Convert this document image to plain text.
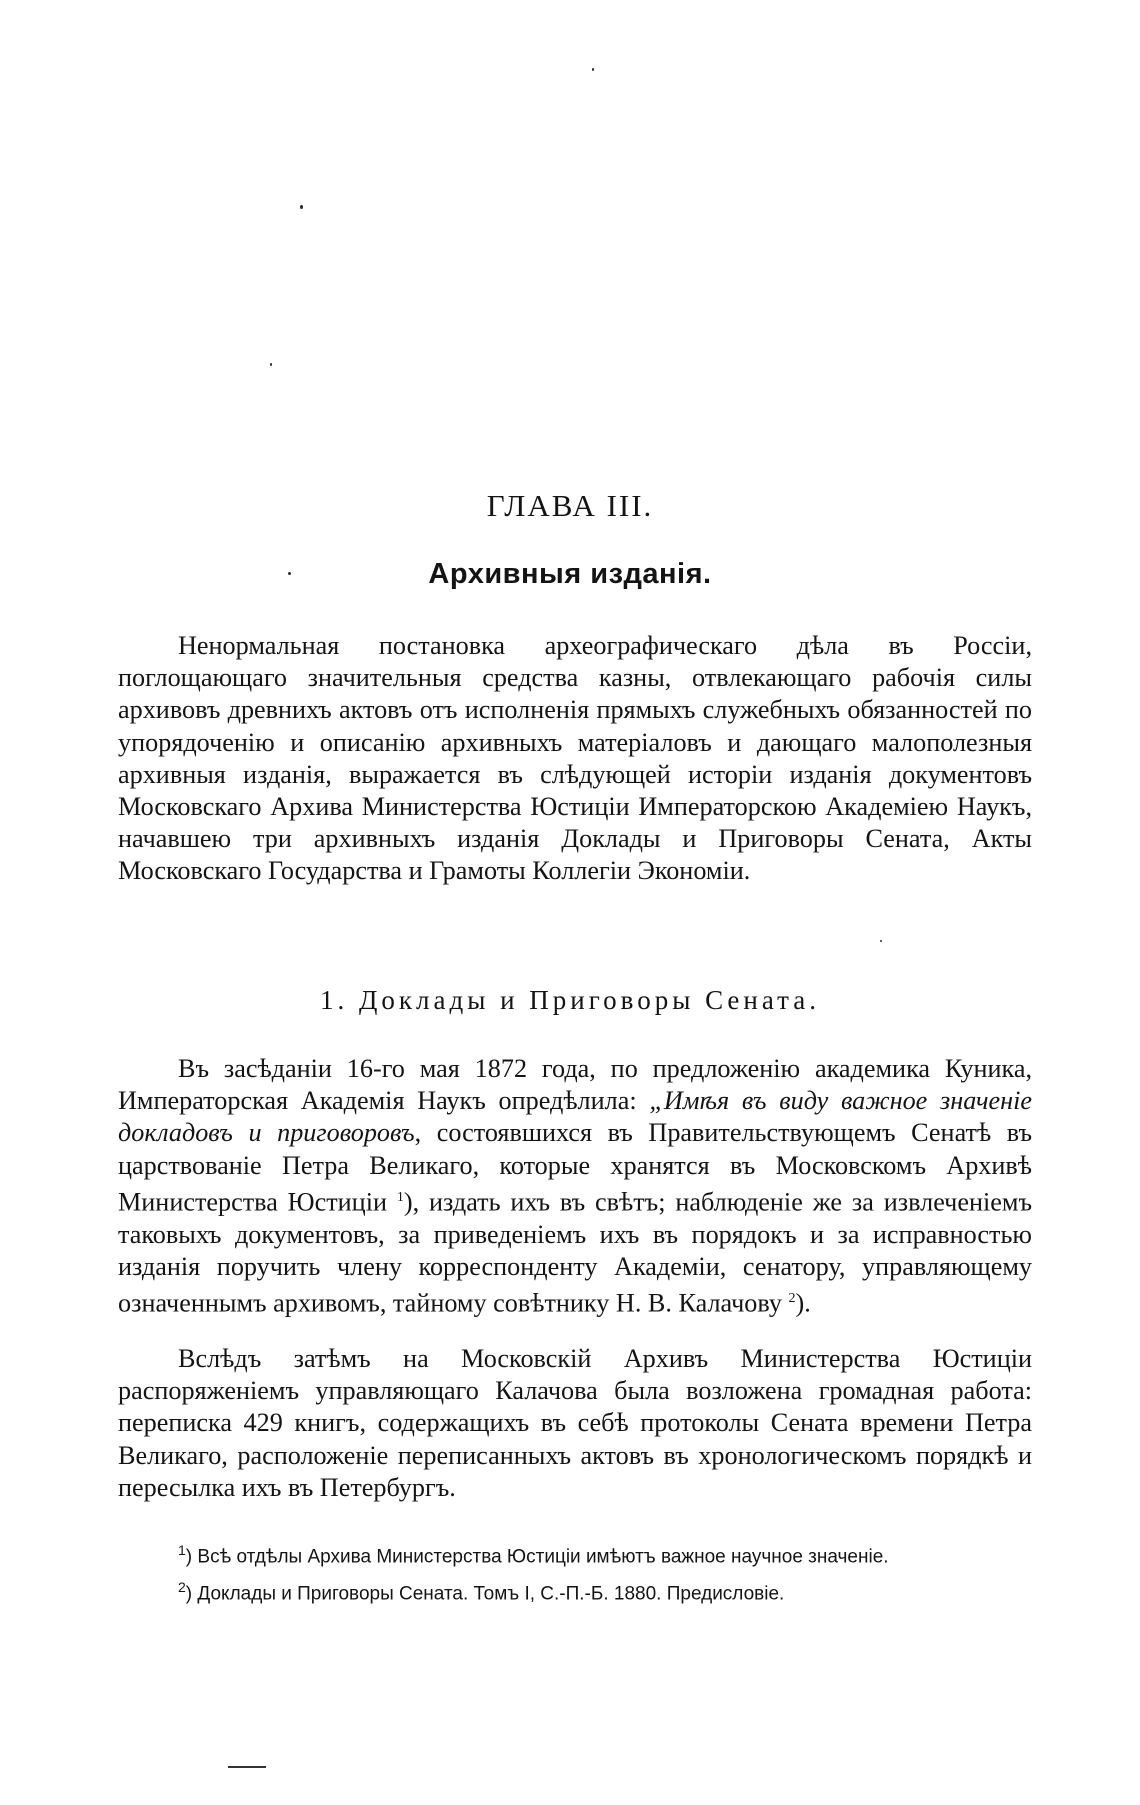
ГЛАВА III.
Архивныя изданія.
Ненормальная постановка археографическаго дѣла въ Россіи, поглощающаго значительныя средства казны, отвлекающаго рабочія силы архивовъ древнихъ актовъ отъ исполненія прямыхъ служебныхъ обязанностей по упорядоченію и описанію архивныхъ матеріаловъ и дающаго малополезныя архивныя изданія, выражается въ слѣдующей исторіи изданія документовъ Московскаго Архива Министерства Юстиціи Императорскою Академіею Наукъ, начавшею три архивныхъ изданія Доклады и Приговоры Сената, Акты Московскаго Государства и Грамоты Коллегіи Экономіи.
1. Доклады и Приговоры Сената.
Въ засѣданіи 16-го мая 1872 года, по предложенію академика Куника, Императорская Академія Наукъ опредѣлила: „Имѣя въ виду важное значеніе докладовъ и приговоровъ, состоявшихся въ Правительствующемъ Сенатѣ въ царствованіе Петра Великаго, которые хранятся въ Московскомъ Архивѣ Министерства Юстиціи $^1$), издать ихъ въ свѣтъ; наблюденіе же за извлеченіемъ таковыхъ документовъ, за приведеніемъ ихъ въ порядокъ и за исправностью изданія поручить члену корреспонденту Академіи, сенатору, управляющему означеннымъ архивомъ, тайному совѣтнику Н. В. Калачову $^2$).
Вслѣдъ затѣмъ на Московскій Архивъ Министерства Юстиціи распоряженіемъ управляющаго Калачова была возложена громадная работа: переписка 429 книгъ, содержащихъ въ себѣ протоколы Сената времени Петра Великаго, расположеніе переписанныхъ актовъ въ хронологическомъ порядкѣ и пересылка ихъ въ Петербургъ.
$^1$) Всѣ отдѣлы Архива Министерства Юстиціи имѣютъ важное научное значеніе.
$^2$) Доклады и Приговоры Сената. Томъ I, С.-П.-Б. 1880. Предисловіе.
